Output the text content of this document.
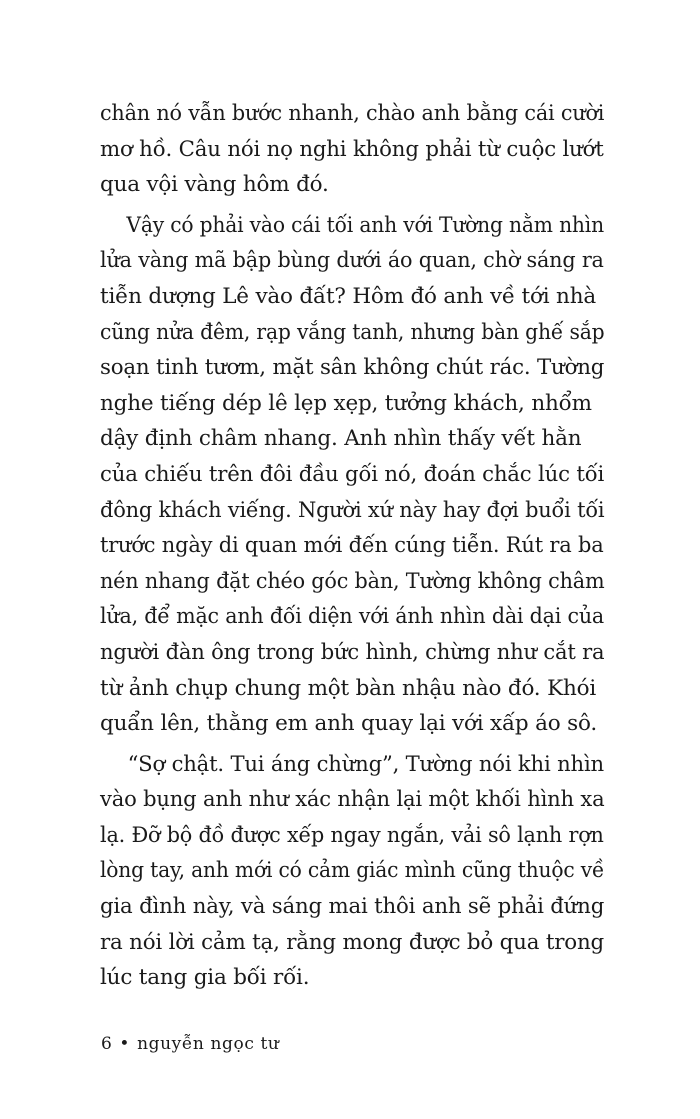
chân nó vẫn bước nhanh, chào anh bằng cái cười
mơ hồ. Câu nói nọ nghi không phải từ cuộc lướt
qua vội vàng hôm đó.
Vậy có phải vào cái tối anh với Tường nằm nhìn
lửa vàng mã bập bùng dưới áo quan, chờ sáng ra
tiễn dượng Lê vào đất? Hôm đó anh về tới nhà
cũng nửa đêm, rạp vắng tanh, nhưng bàn ghế sắp
soạn tinh tươm, mặt sân không chút rác. Tường
nghe tiếng dép lê lẹp xẹp, tưởng khách, nhổm
dậy định châm nhang. Anh nhìn thấy vết hằn
của chiếu trên đôi đầu gối nó, đoán chắc lúc tối
đông khách viếng. Người xứ này hay đợi buổi tối
trước ngày di quan mới đến cúng tiễn. Rút ra ba
nén nhang đặt chéo góc bàn, Tường không châm
lửa, để mặc anh đối diện với ánh nhìn dài dại của
người đàn ông trong bức hình, chừng như cắt ra
từ ảnh chụp chung một bàn nhậu nào đó. Khói
quẩn lên, thằng em anh quay lại với xấp áo sô.
“Sợ chật. Tui áng chừng”, Tường nói khi nhìn
vào bụng anh như xác nhận lại một khối hình xa
lạ. Đỡ bộ đồ được xếp ngay ngắn, vải sô lạnh rợn
lòng tay, anh mới có cảm giác mình cũng thuộc về
gia đình này, và sáng mai thôi anh sẽ phải đứng
ra nói lời cảm tạ, rằng mong được bỏ qua trong
lúc tang gia bối rối.
6 • nguyễn ngọc tư
